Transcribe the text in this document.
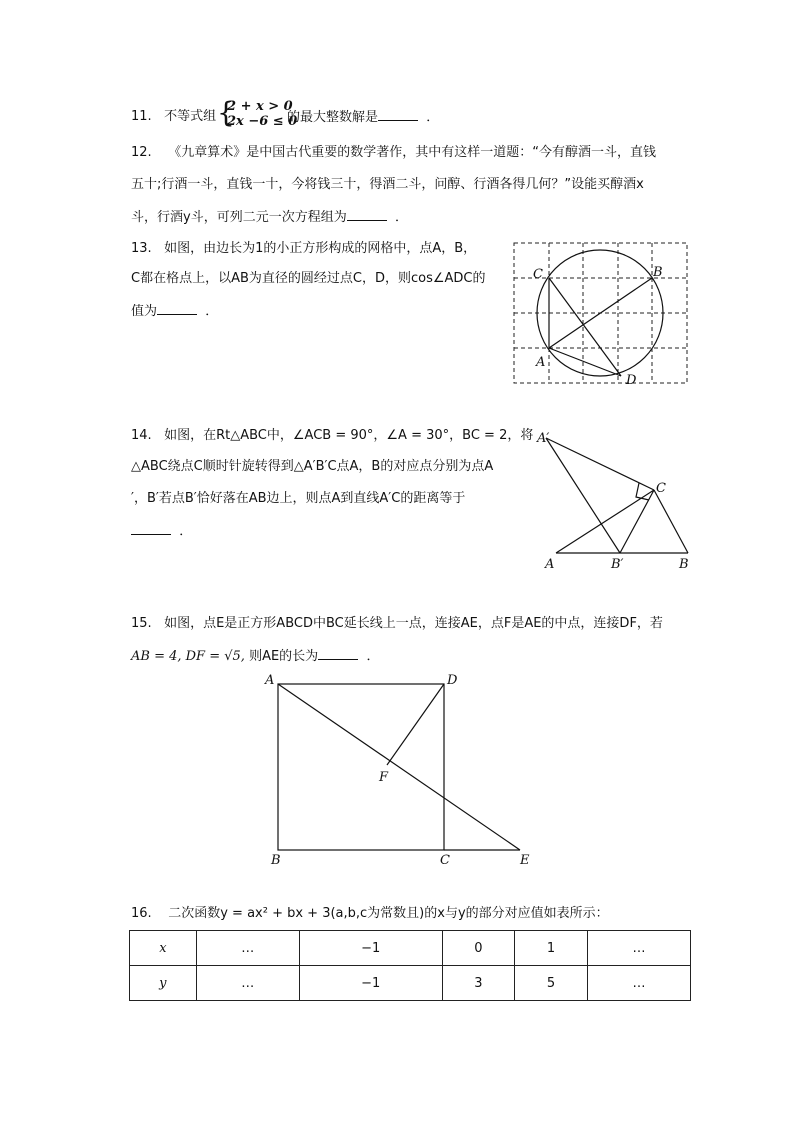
11. 不等式组 {
2 + x > 0
2x −6 ≤ 0
的最大整数解是	．
12. 《九章算术》是中国古代重要的数学著作，其中有这样一道题：“今有醇酒一斗，直钱
五十;行酒一斗，直钱一十，今将钱三十，得酒二斗，问醇、行酒各得几何？”设能买醇酒x
斗，行酒y斗，可列二元一次方程组为	．
13. 如图，由边长为1的小正方形构成的网格中，点A，B，
C都在格点上，以AB为直径的圆经过点C，D，则cos∠ADC的
值为	．
C	B
A
D
14. 如图，在Rt△ABC中，∠ACB = 90°，∠A = 30°，BC = 2，将
△ABC绕点C顺时针旋转得到△A′B′C点A，B的对应点分别为点A
′，B′若点B′恰好落在AB边上，则点A到直线A′C的距离等于
．
A′
C
A	B′	B
15. 如图，点E是正方形ABCD中BC延长线上一点，连接AE，点F是AE的中点，连接DF，若
AB = 4, DF = √5, 则AE的长为	．
A	D
F
B	C	E
16. 二次函数y = ax² + bx + 3(a,b,c为常数且)的x与y的部分对应值如表所示：
x	…	−1	0	1	…
y	…	−1	3	5	…
